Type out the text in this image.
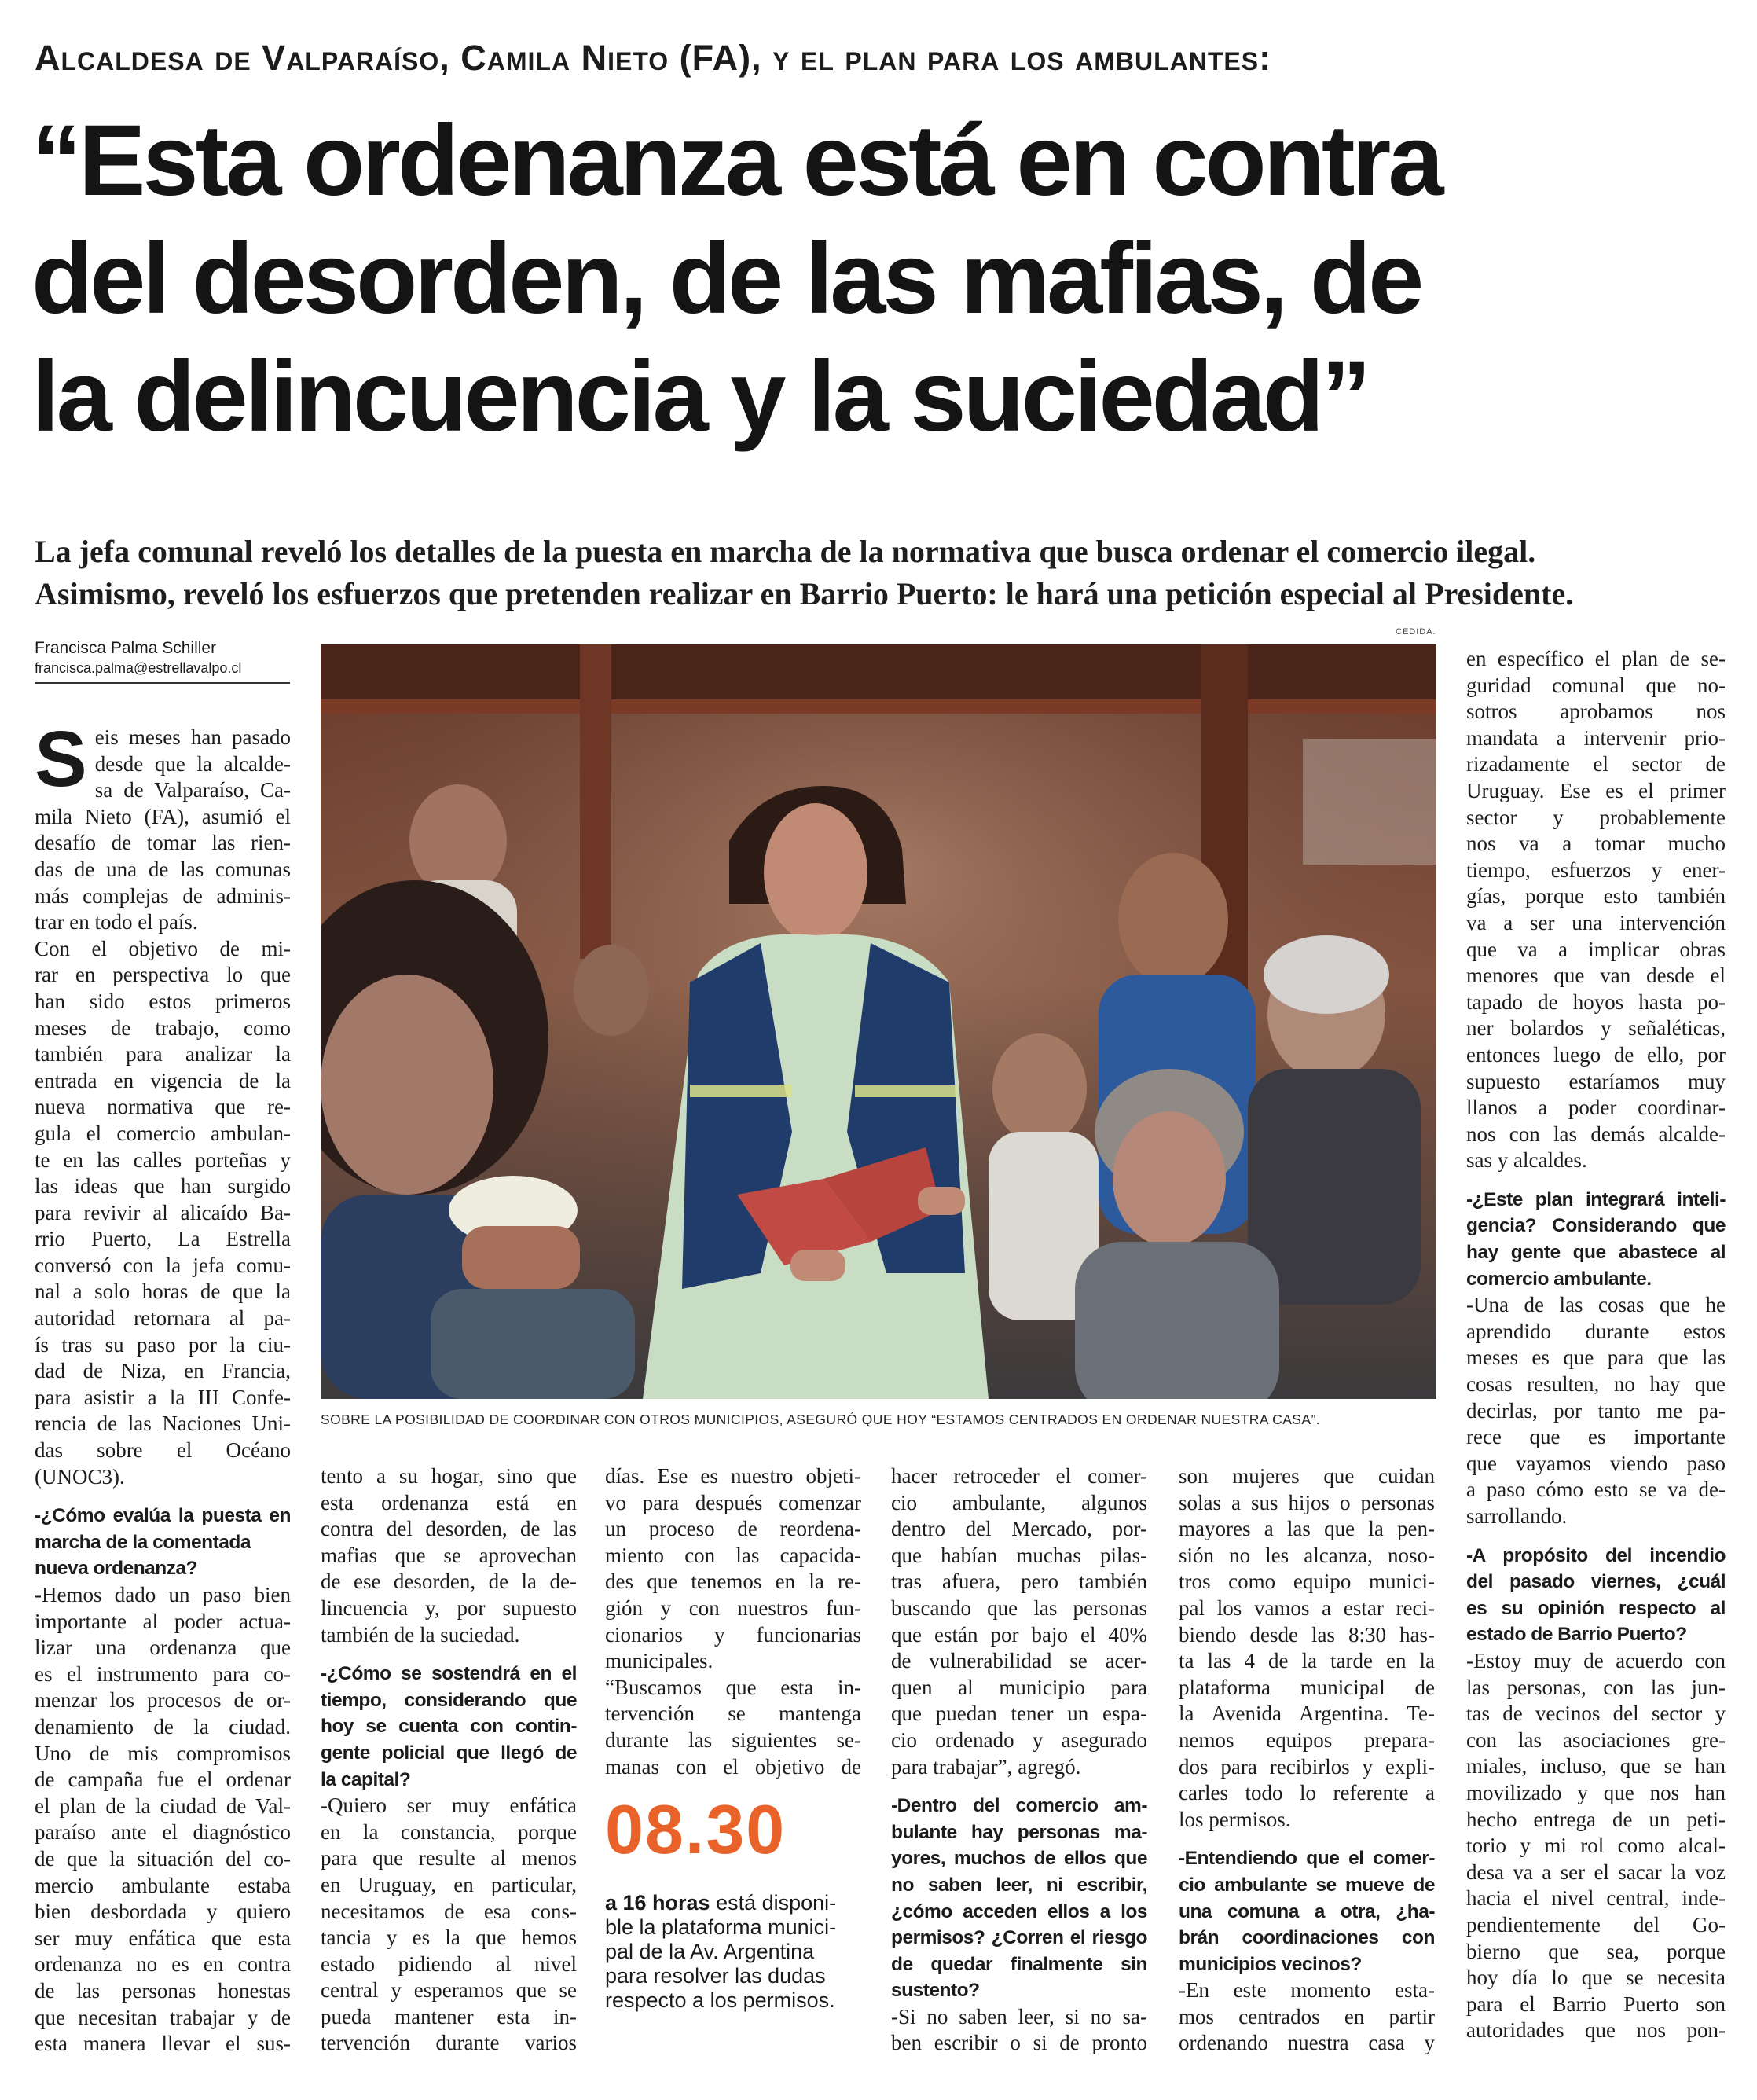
Alcaldesa de Valparaíso, Camila Nieto (FA), y el plan para los ambulantes:
“Esta ordenanza está en contra
del desorden, de las mafias, de
la delincuencia y la suciedad”
La jefa comunal reveló los detalles de la puesta en marcha de la normativa que busca ordenar el comercio ilegal.
Asimismo, reveló los esfuerzos que pretenden realizar en Barrio Puerto: le hará una petición especial al Presidente.
Francisca Palma Schiller
francisca.palma@estrellavalpo.cl
CEDIDA.
SOBRE LA POSIBILIDAD DE COORDINAR CON OTROS MUNICIPIOS, ASEGURÓ QUE HOY “ESTAMOS CENTRADOS EN ORDENAR NUESTRA CASA”.
S eis meses han pasado
desde que la alcalde-
sa de Valparaíso, Ca-
mila Nieto (FA), asumió el
desafío de tomar las rien-
das de una de las comunas
más complejas de adminis-
trar en todo el país.
Con el objetivo de mi-
rar en perspectiva lo que
han sido estos primeros
meses de trabajo, como
también para analizar la
entrada en vigencia de la
nueva normativa que re-
gula el comercio ambulan-
te en las calles porteñas y
las ideas que han surgido
para revivir al alicaído Ba-
rrio Puerto, La Estrella
conversó con la jefa comu-
nal a solo horas de que la
autoridad retornara al pa-
ís tras su paso por la ciu-
dad de Niza, en Francia,
para asistir a la III Confe-
rencia de las Naciones Uni-
das sobre el Océano
(UNOC3).
-¿Cómo evalúa la puesta en
marcha de la comentada
nueva ordenanza?
-Hemos dado un paso bien
importante al poder actua-
lizar una ordenanza que
es el instrumento para co-
menzar los procesos de or-
denamiento de la ciudad.
Uno de mis compromisos
de campaña fue el ordenar
el plan de la ciudad de Val-
paraíso ante el diagnóstico
de que la situación del co-
mercio ambulante estaba
bien desbordada y quiero
ser muy enfática que esta
ordenanza no es en contra
de las personas honestas
que necesitan trabajar y de
esta manera llevar el sus-
tento a su hogar, sino que
esta ordenanza está en
contra del desorden, de las
mafias que se aprovechan
de ese desorden, de la de-
lincuencia y, por supuesto
también de la suciedad.
-¿Cómo se sostendrá en el
tiempo, considerando que
hoy se cuenta con contin-
gente policial que llegó de
la capital?
-Quiero ser muy enfática
en la constancia, porque
para que resulte al menos
en Uruguay, en particular,
necesitamos de esa cons-
tancia y es la que hemos
estado pidiendo al nivel
central y esperamos que se
pueda mantener esta in-
tervención durante varios
días. Ese es nuestro objeti-
vo para después comenzar
un proceso de reordena-
miento con las capacida-
des que tenemos en la re-
gión y con nuestros fun-
cionarios y funcionarias
municipales.
“Buscamos que esta in-
tervención se mantenga
durante las siguientes se-
manas con el objetivo de
08.30
a 16 horas está disponi-
ble la plataforma munici-
pal de la Av. Argentina
para resolver las dudas
respecto a los permisos.
hacer retroceder el comer-
cio ambulante, algunos
dentro del Mercado, por-
que habían muchas pilas-
tras afuera, pero también
buscando que las personas
que están por bajo el 40%
de vulnerabilidad se acer-
quen al municipio para
que puedan tener un espa-
cio ordenado y asegurado
para trabajar”, agregó.
-Dentro del comercio am-
bulante hay personas ma-
yores, muchos de ellos que
no saben leer, ni escribir,
¿cómo acceden ellos a los
permisos? ¿Corren el riesgo
de quedar finalmente sin
sustento?
-Si no saben leer, si no sa-
ben escribir o si de pronto
son mujeres que cuidan
solas a sus hijos o personas
mayores a las que la pen-
sión no les alcanza, noso-
tros como equipo munici-
pal los vamos a estar reci-
biendo desde las 8:30 has-
ta las 4 de la tarde en la
plataforma municipal de
la Avenida Argentina. Te-
nemos equipos prepara-
dos para recibirlos y expli-
carles todo lo referente a
los permisos.
-Entendiendo que el comer-
cio ambulante se mueve de
una comuna a otra, ¿ha-
brán coordinaciones con
municipios vecinos?
-En este momento esta-
mos centrados en partir
ordenando nuestra casa y
en específico el plan de se-
guridad comunal que no-
sotros aprobamos nos
mandata a intervenir prio-
rizadamente el sector de
Uruguay. Ese es el primer
sector y probablemente
nos va a tomar mucho
tiempo, esfuerzos y ener-
gías, porque esto también
va a ser una intervención
que va a implicar obras
menores que van desde el
tapado de hoyos hasta po-
ner bolardos y señaléticas,
entonces luego de ello, por
supuesto estaríamos muy
llanos a poder coordinar-
nos con las demás alcalde-
sas y alcaldes.
-¿Este plan integrará inteli-
gencia? Considerando que
hay gente que abastece al
comercio ambulante.
-Una de las cosas que he
aprendido durante estos
meses es que para que las
cosas resulten, no hay que
decirlas, por tanto me pa-
rece que es importante
que vayamos viendo paso
a paso cómo esto se va de-
sarrollando.
-A propósito del incendio
del pasado viernes, ¿cuál
es su opinión respecto al
estado de Barrio Puerto?
-Estoy muy de acuerdo con
las personas, con las jun-
tas de vecinos del sector y
con las asociaciones gre-
miales, incluso, que se han
movilizado y que nos han
hecho entrega de un peti-
torio y mi rol como alcal-
desa va a ser el sacar la voz
hacia el nivel central, inde-
pendientemente del Go-
bierno que sea, porque
hoy día lo que se necesita
para el Barrio Puerto son
autoridades que nos pon-
